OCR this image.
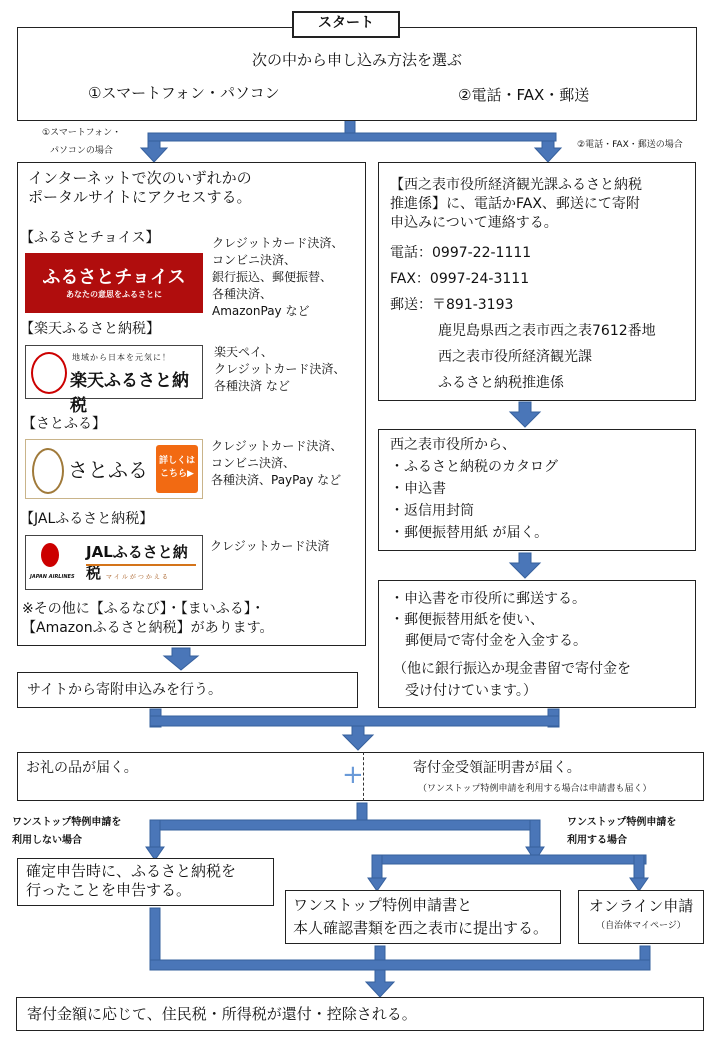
スタート
次の中から申し込み方法を選ぶ
①スマートフォン・パソコン	②電話・FAX・郵送
①スマートフォン・
パソコンの場合
②電話・FAX・郵送の場合
インターネットで次のいずれかの
ポータルサイトにアクセスする。
【ふるさとチョイス】
ふるさとチョイス
あなたの意思をふるさとに
クレジットカード決済、
コンビニ決済、
銀行振込、郵便振替、
各種決済、
AmazonPay など
【楽天ふるさと納税】
地域から日本を元気に！
楽天ふるさと納税
楽天ペイ、
クレジットカード決済、
各種決済 など
【さとふる】
さとふる	詳しくはこちら▶
クレジットカード決済、
コンビニ決済、
各種決済、PayPay など
【JALふるさと納税】
JAPAN AIRLINES
JALふるさと納税 マイルがつかえる
クレジットカード決済
※その他に【ふるなび】・【まいふる】・
【Amazonふるさと納税】があります。
サイトから寄附申込みを行う。
【西之表市役所経済観光課ふるさと納税
推進係】に、電話かFAX、郵送にて寄附
申込みについて連絡する。
電話：0997-22-1111
FAX：0997-24-3111
郵送：〒891-3193
鹿児島県西之表市西之表7612番地
西之表市役所経済観光課
ふるさと納税推進係
西之表市役所から、
・ふるさと納税のカタログ
・申込書
・返信用封筒
・郵便振替用紙 が届く。
・申込書を市役所に郵送する。
・郵便振替用紙を使い、
郵便局で寄付金を入金する。
（他に銀行振込か現金書留で寄付金を
受け付けています。）
+
お礼の品が届く。	寄付金受領証明書が届く。
（ワンストップ特例申請を利用する場合は申請書も届く）
ワンストップ特例申請を
利用しない場合
ワンストップ特例申請を
利用する場合
確定申告時に、ふるさと納税を
行ったことを申告する。
ワンストップ特例申請書と
本人確認書類を西之表市に提出する。
オンライン申請
（自治体マイページ）
寄付金額に応じて、住民税・所得税が還付・控除される。
